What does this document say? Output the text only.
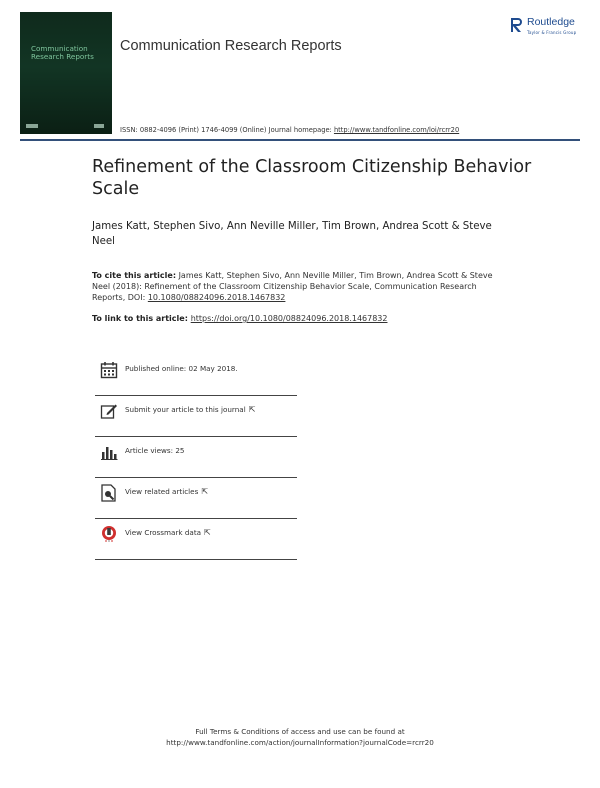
Communication
Research Reports
Communication Research Reports
Routledge
Taylor & Francis Group
ISSN: 0882-4096 (Print) 1746-4099 (Online) Journal homepage: http://www.tandfonline.com/loi/rcrr20
Refinement of the Classroom Citizenship Behavior Scale
James Katt, Stephen Sivo, Ann Neville Miller, Tim Brown, Andrea Scott & Steve Neel
To cite this article: James Katt, Stephen Sivo, Ann Neville Miller, Tim Brown, Andrea Scott & Steve Neel (2018): Refinement of the Classroom Citizenship Behavior Scale, Communication Research Reports, DOI: 10.1080/08824096.2018.1467832
To link to this article: https://doi.org/10.1080/08824096.2018.1467832
Published online: 02 May 2018.
Submit your article to this journal ⇱
Article views: 25
View related articles ⇱
View Crossmark data ⇱
Full Terms & Conditions of access and use can be found at
http://www.tandfonline.com/action/journalInformation?journalCode=rcrr20
